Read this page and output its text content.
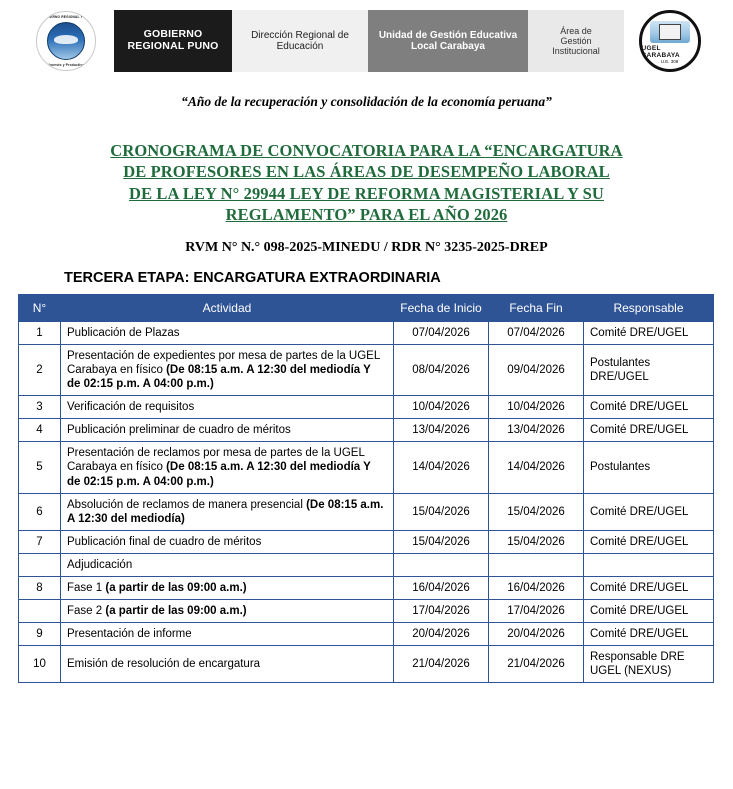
GOBIERNO REGIONAL PUNO
Honesto y Productivo
GOBIERNO
REGIONAL PUNO
Dirección Regional de
Educación
Unidad de Gestión Educativa
Local Carabaya
Área de
Gestión
Institucional	UGEL CARABAYA
U.E. 308
“Año de la recuperación y consolidación de la economía peruana”
CRONOGRAMA DE CONVOCATORIA PARA LA “ENCARGATURA
DE PROFESORES EN LAS ÁREAS DE DESEMPEÑO LABORAL
DE LA LEY N° 29944 LEY DE REFORMA MAGISTERIAL Y SU
REGLAMENTO” PARA EL AÑO 2026
RVM N° N.° 098-2025-MINEDU / RDR N° 3235-2025-DREP
TERCERA ETAPA: ENCARGATURA EXTRAORDINARIA
N°	Actividad	Fecha de Inicio	Fecha Fin	Responsable
1	Publicación de Plazas	07/04/2026	07/04/2026	Comité DRE/UGEL
2	Presentación de expedientes por mesa de partes de la UGEL Carabaya en físico (De 08:15 a.m. A 12:30 del mediodía Y de 02:15 p.m. A 04:00 p.m.)	08/04/2026	09/04/2026	Postulantes DRE/UGEL
3	Verificación de requisitos	10/04/2026	10/04/2026	Comité DRE/UGEL
4	Publicación preliminar de cuadro de méritos	13/04/2026	13/04/2026	Comité DRE/UGEL
5	Presentación de reclamos por mesa de partes de la UGEL Carabaya en físico (De 08:15 a.m. A 12:30 del mediodía Y de 02:15 p.m. A 04:00 p.m.)	14/04/2026	14/04/2026	Postulantes
6	Absolución de reclamos de manera presencial (De 08:15 a.m. A 12:30 del mediodía)	15/04/2026	15/04/2026	Comité DRE/UGEL
7	Publicación final de cuadro de méritos	15/04/2026	15/04/2026	Comité DRE/UGEL
	Adjudicación			
8	Fase 1 (a partir de las 09:00 a.m.)	16/04/2026	16/04/2026	Comité DRE/UGEL
	Fase 2 (a partir de las 09:00 a.m.)	17/04/2026	17/04/2026	Comité DRE/UGEL
9	Presentación de informe	20/04/2026	20/04/2026	Comité DRE/UGEL
10	Emisión de resolución de encargatura	21/04/2026	21/04/2026	Responsable DRE UGEL (NEXUS)
